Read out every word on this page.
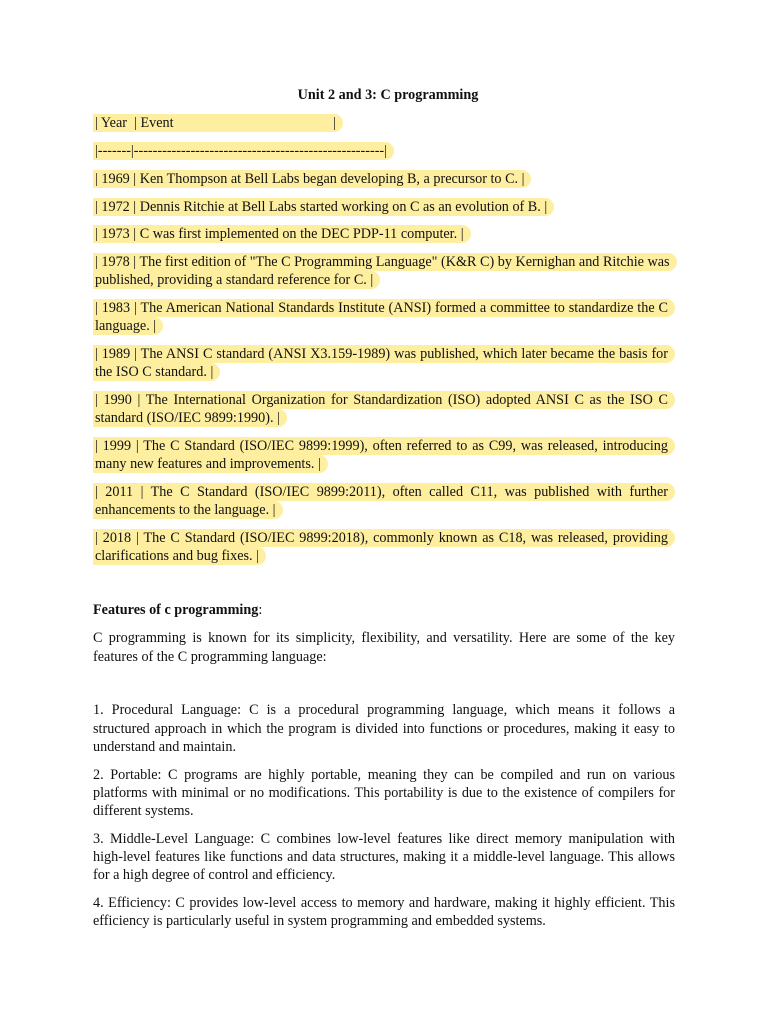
Unit 2 and 3: C programming
| Year  | Event                                             |
|-------|-----------------------------------------------------|
| 1969 | Ken Thompson at Bell Labs began developing B, a precursor to C. |
| 1972 | Dennis Ritchie at Bell Labs started working on C as an evolution of B. |
| 1973 | C was first implemented on the DEC PDP-11 computer. |
| 1978 | The first edition of "The C Programming Language" (K&R C) by Kernighan and Ritchie was published, providing a standard reference for C. |
| 1983 | The American National Standards Institute (ANSI) formed a committee to standardize the C language. |
| 1989 | The ANSI C standard (ANSI X3.159-1989) was published, which later became the basis for the ISO C standard. |
| 1990 | The International Organization for Standardization (ISO) adopted ANSI C as the ISO C standard (ISO/IEC 9899:1990). |
| 1999 | The C Standard (ISO/IEC 9899:1999), often referred to as C99, was released, introducing many new features and improvements. |
| 2011 | The C Standard (ISO/IEC 9899:2011), often called C11, was published with further enhancements to the language. |
| 2018 | The C Standard (ISO/IEC 9899:2018), commonly known as C18, was released, providing clarifications and bug fixes. |
Features of c programming:
C programming is known for its simplicity, flexibility, and versatility. Here are some of the key features of the C programming language:
1. Procedural Language: C is a procedural programming language, which means it follows a structured approach in which the program is divided into functions or procedures, making it easy to understand and maintain.
2. Portable: C programs are highly portable, meaning they can be compiled and run on various platforms with minimal or no modifications. This portability is due to the existence of compilers for different systems.
3. Middle-Level Language: C combines low-level features like direct memory manipulation with high-level features like functions and data structures, making it a middle-level language. This allows for a high degree of control and efficiency.
4. Efficiency: C provides low-level access to memory and hardware, making it highly efficient. This efficiency is particularly useful in system programming and embedded systems.
